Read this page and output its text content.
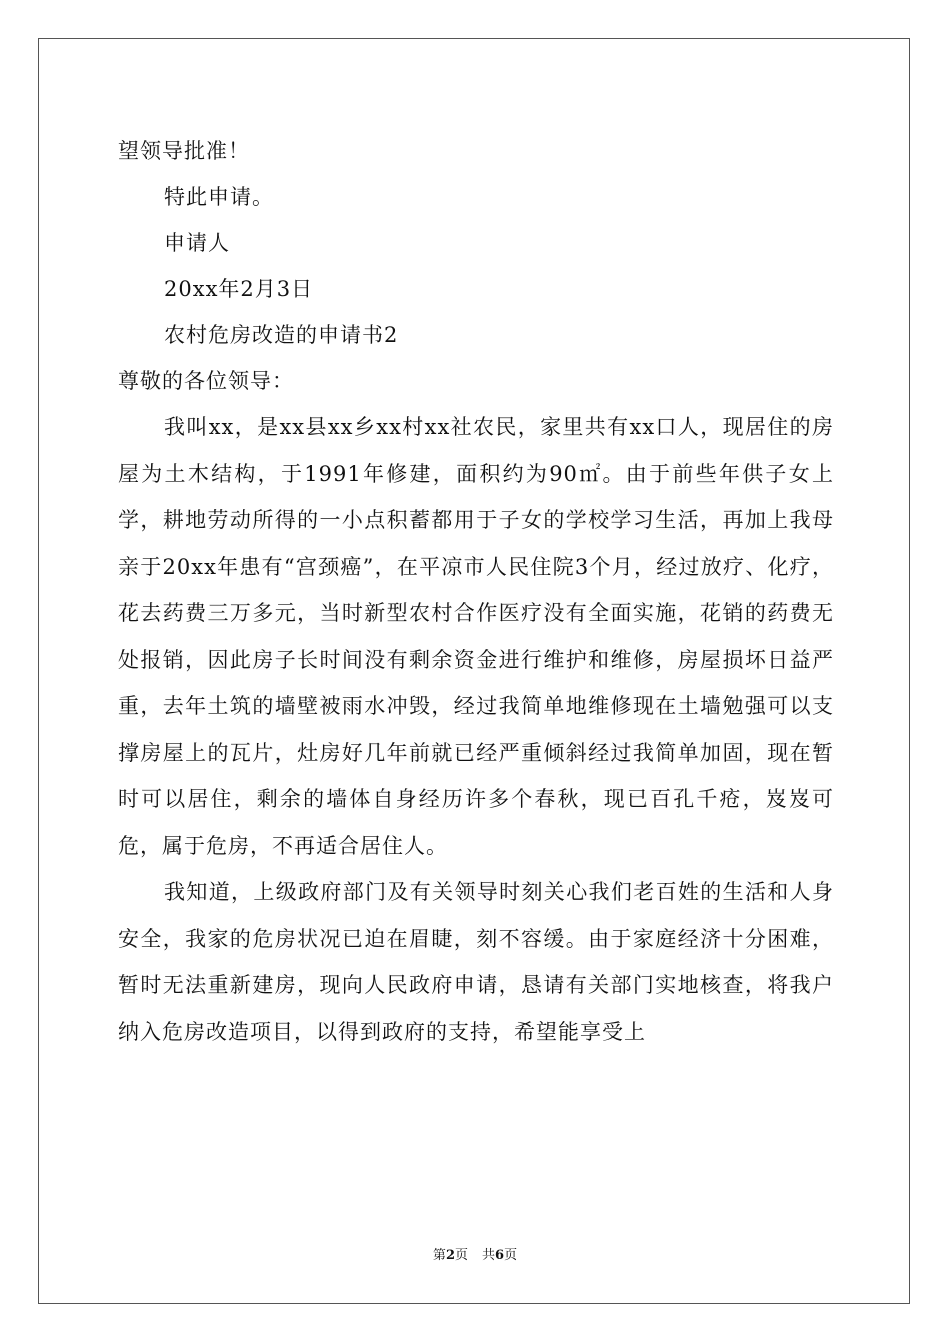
望领导批准！
特此申请。
申请人
20xx年2月3日
农村危房改造的申请书2
尊敬的各位领导：

我叫xx，是xx县xx乡xx村xx社农民，家里共有xx口人，现居住的房屋为土木结构，于1991年修建，面积约为90㎡。由于前些年供子女上学，耕地劳动所得的一小点积蓄都用于子女的学校学习生活，再加上我母亲于20xx年患有“宫颈癌”，在平凉市人民住院3个月，经过放疗、化疗，花去药费三万多元，当时新型农村合作医疗没有全面实施，花销的药费无处报销，因此房子长时间没有剩余资金进行维护和维修，房屋损坏日益严重，去年土筑的墙壁被雨水冲毁，经过我简单地维修现在土墙勉强可以支撑房屋上的瓦片，灶房好几年前就已经严重倾斜经过我简单加固，现在暂时可以居住，剩余的墙体自身经历许多个春秋，现已百孔千疮，岌岌可危，属于危房，不再适合居住人。

我知道，上级政府部门及有关领导时刻关心我们老百姓的生活和人身安全，我家的危房状况已迫在眉睫，刻不容缓。由于家庭经济十分困难，暂时无法重新建房，现向人民政府申请，恳请有关部门实地核查，将我户纳入危房改造项目，以得到政府的支持，希望能享受上

第2页 共6页
